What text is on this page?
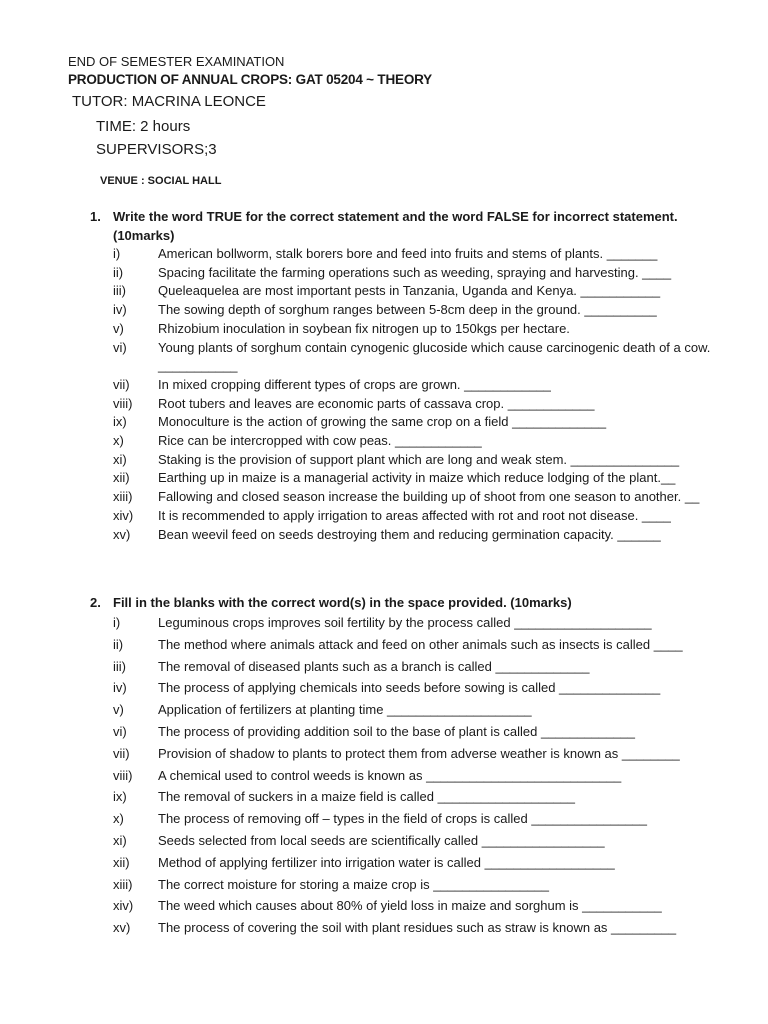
END OF SEMESTER EXAMINATION
PRODUCTION OF ANNUAL CROPS: GAT 05204 ~ THEORY
TUTOR: MACRINA LEONCE
TIME: 2 hours
SUPERVISORS;3
VENUE : SOCIAL HALL
1. Write the word TRUE for the correct statement and the word FALSE for incorrect statement.
(10marks)
i)	American bollworm, stalk borers bore and feed into fruits and stems of plants. _______
ii)	Spacing facilitate the farming operations such as weeding, spraying and harvesting. ____
iii) Queleaquelea are most important pests in Tanzania, Uganda and Kenya. ___________
iv) The sowing depth of sorghum ranges between 5-8cm deep in the ground. __________
v)	Rhizobium inoculation in soybean fix nitrogen up to 150kgs per hectare.
vi) Young plants of sorghum contain cynogenic glucoside which cause carcinogenic death of a cow. ___________
vii) In mixed cropping different types of crops are grown. ____________
viii) Root tubers and leaves are economic parts of cassava crop. ____________
ix) Monoculture is the action of growing the same crop on a field _____________
x)	Rice can be intercropped with cow peas. ____________
xi) Staking is the provision of support plant which are long and weak stem. _______________
xii) Earthing up in maize is a managerial activity in maize which reduce lodging of the plant.__
xiii) Fallowing and closed season increase the building up of shoot from one season to another. __
xiv) It is recommended to apply irrigation to areas affected with rot and root not disease. ____
xv) Bean weevil feed on seeds destroying them and reducing germination capacity. ______
2. Fill in the blanks with the correct word(s) in the space provided. (10marks)
i)	Leguminous crops improves soil fertility by the process called ___________________
ii)	The method where animals attack and feed on other animals such as insects is called ____
iii) The removal of diseased plants such as a branch is called _____________
iv) The process of applying chemicals into seeds before sowing is called ______________
v)	Application of fertilizers at planting time ____________________
vi) The process of providing addition soil to the base of plant is called _____________
vii) Provision of shadow to plants to protect them from adverse weather is known as ________
viii) A chemical used to control weeds is known as ___________________________
ix) The removal of suckers in a maize field is called ___________________
x)	The process of removing off – types in the field of crops is called ________________
xi) Seeds selected from local seeds are scientifically called _________________
xii) Method of applying fertilizer into irrigation water is called __________________
xiii) The correct moisture for storing a maize crop is ________________
xiv) The weed which causes about 80% of yield loss in maize and sorghum is ___________
xv) The process of covering the soil with plant residues such as straw is known as _________
